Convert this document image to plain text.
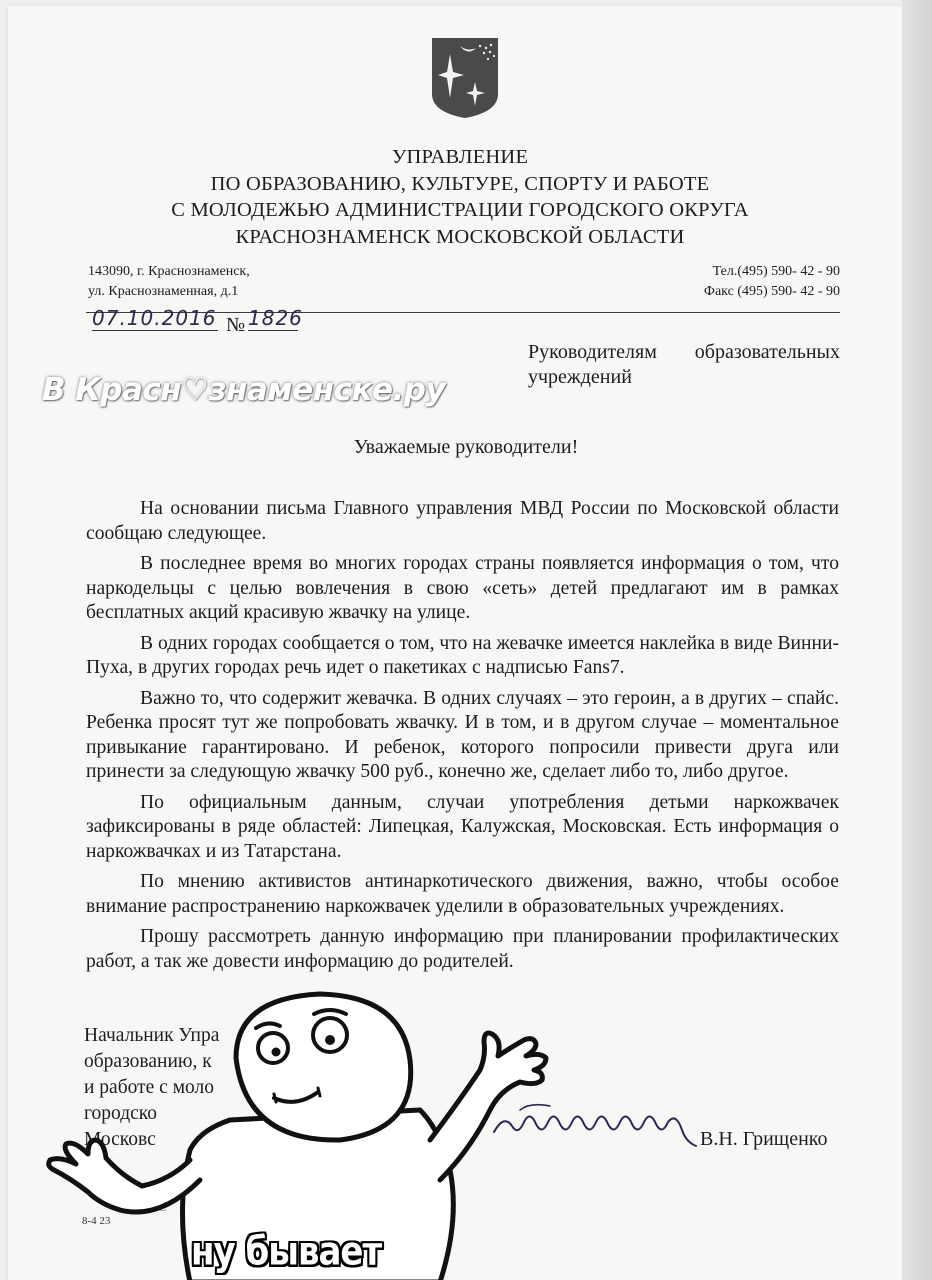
УПРАВЛЕНИЕ
ПО ОБРАЗОВАНИЮ, КУЛЬТУРЕ, СПОРТУ И РАБОТЕ
С МОЛОДЕЖЬЮ АДМИНИСТРАЦИИ ГОРОДСКОГО ОКРУГА
КРАСНОЗНАМЕНСК МОСКОВСКОЙ ОБЛАСТИ
143090, г. Краснознаменск,
ул. Краснознаменная, д.1
Тел.(495) 590- 42 - 90
Факс (495) 590- 42 - 90
07.10.2016 № 1826
Руководителям образовательных учреждений
В Красн♡знаменске.ру
Уважаемые руководители!

На основании письма Главного управления МВД России по Московской области сообщаю следующее.

В последнее время во многих городах страны появляется информация о том, что наркодельцы с целью вовлечения в свою «сеть» детей предлагают им в рамках бесплатных акций красивую жвачку на улице.

В одних городах сообщается о том, что на жевачке имеется наклейка в виде Винни-Пуха, в других городах речь идет о пакетиках с надписью Fans7.

Важно то, что содержит жевачка. В одних случаях – это героин, а в других – спайс. Ребенка просят тут же попробовать жвачку. И в том, и в другом случае – моментальное привыкание гарантировано. И ребенок, которого попросили привести друга или принести за следующую жвачку 500 руб., конечно же, сделает либо то, либо другое.

По официальным данным, случаи употребления детьми наркожвачек зафиксированы в ряде областей: Липецкая, Калужская, Московская. Есть информация о наркожвачках и из Татарстана.

По мнению активистов антинаркотического движения, важно, чтобы особое внимание распространению наркожвачек уделили в образовательных учреждениях.

Прошу рассмотреть данную информацию при планировании профилактических работ, а так же довести информацию до родителей.

Начальник Упра
образованию, к
и работе с моло
городско
Московс	В.Н. Грищенко
8-4 23
ну бывает
